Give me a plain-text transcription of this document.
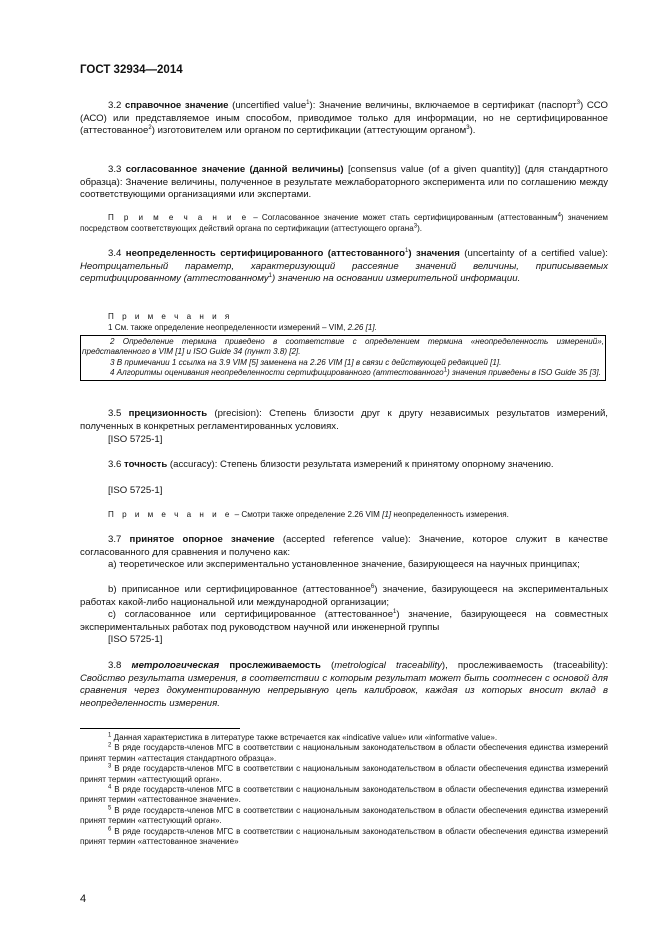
ГОСТ 32934—2014
3.2 справочное значение (uncertified value$^1$): Значение величины, включаемое в сертификат (паспорт$^3$) ССО (АСО) или представляемое иным способом, приводимое только для информации, но не сертифицированное (аттестованное$^2$) изготовителем или органом по сертификации (аттестующим органом$^3$).
3.3 согласованное значение (данной величины) [consensus value (of a given quantity)] (для стандартного образца): Значение величины, полученное в результате межлабораторного эксперимента или по соглашению между соответствующими организациями или экспертами.
П р и м е ч а н и е – Согласованное значение может стать сертифицированным (аттестованным$^4$) значением посредством соответствующих действий органа по сертификации (аттестующего органа$^3$).
3.4 неопределенность сертифицированного (аттестованного$^1$) значения (uncertainty of a certified value): Неотрицательный параметр, характеризующий рассеяние значений величины, приписываемых сертифицированному (аттестованному$^1$) значению на основании измерительной информации.
П р и м е ч а н и я
1 См. также определение неопределенности измерений – VIM, 2.26 [1].
2 Определение термина приведено в соответствие с определением термина «неопределенность измерений», представленного в VIM [1] и ISO Guide 34 (пункт 3.8) [2].
3 В примечании 1 ссылка на 3.9 VIM [5] заменена на 2.26 VIM [1] в связи с действующей редакцией [1].
4 Алгоритмы оценивания неопределенности сертифицированного (аттестованного$^1$) значения приведены в ISO Guide 35 [3].
3.5 прецизионность (precision): Степень близости друг к другу независимых результатов измерений, полученных в конкретных регламентированных условиях.
[ISO 5725-1]
3.6 точность (accuracy): Степень близости результата измерений к принятому опорному значению.
[ISO 5725-1]
П р и м е ч а н и е – Смотри также определение 2.26 VIM [1] неопределенность измерения.
3.7 принятое опорное значение (accepted reference value): Значение, которое служит в качестве согласованного для сравнения и получено как:
a) теоретическое или экспериментально установленное значение, базирующееся на научных принципах;
b) приписанное или сертифицированное (аттестованное$^6$) значение, базирующееся на экспериментальных работах какой-либо национальной или международной организации;
c) согласованное или сертифицированное (аттестованное$^1$) значение, базирующееся на совместных экспериментальных работах под руководством научной или инженерной группы
[ISO 5725-1]
3.8 метрологическая прослеживаемость (metrological traceability), прослеживаемость (traceability): Свойство результата измерения, в соответствии с которым результат может быть соотнесен с основой для сравнения через документированную непрерывную цепь калибровок, каждая из которых вносит вклад в неопределенность измерения.
$^1$ Данная характеристика в литературе также встречается как «indicative value» или «informative value».
$^2$ В ряде государств-членов МГС в соответствии с национальным законодательством в области обеспечения единства измерений принят термин «аттестация стандартного образца».
$^3$ В ряде государств-членов МГС в соответствии с национальным законодательством в области обеспечения единства измерений принят термин «аттестующий орган».
$^4$ В ряде государств-членов МГС в соответствии с национальным законодательством в области обеспечения единства измерений принят термин «аттестованное значение».
$^5$ В ряде государств-членов МГС в соответствии с национальным законодательством в области обеспечения единства измерений принят термин «аттестующий орган».
$^6$ В ряде государств-членов МГС в соответствии с национальным законодательством в области обеспечения единства измерений принят термин «аттестованное значение»
4
